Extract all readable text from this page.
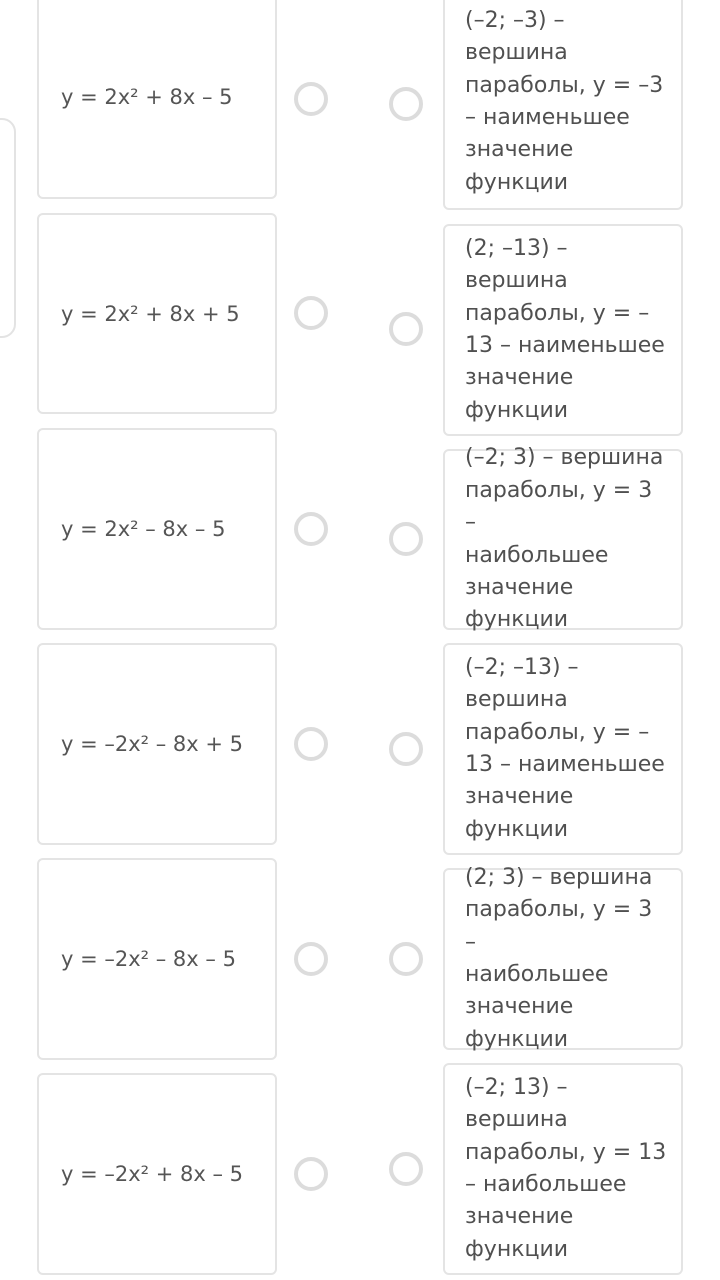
y = 2x² + 8x – 5
(–2; –3) –
вершина
параболы, y = –3
– наименьшее
значение
функции
y = 2x² + 8x + 5
(2; –13) –
вершина
параболы, y = –
13 – наименьшее
значение
функции
y = 2x² – 8x – 5
(–2; 3) – вершина
параболы, y = 3 –
наибольшее
значение
функции
y = –2x² – 8x + 5
(–2; –13) –
вершина
параболы, y = –
13 – наименьшее
значение
функции
y = –2x² – 8x – 5
(2; 3) – вершина
параболы, y = 3 –
наибольшее
значение
функции
y = –2x² + 8x – 5
(–2; 13) –
вершина
параболы, y = 13
– наибольшее
значение
функции
